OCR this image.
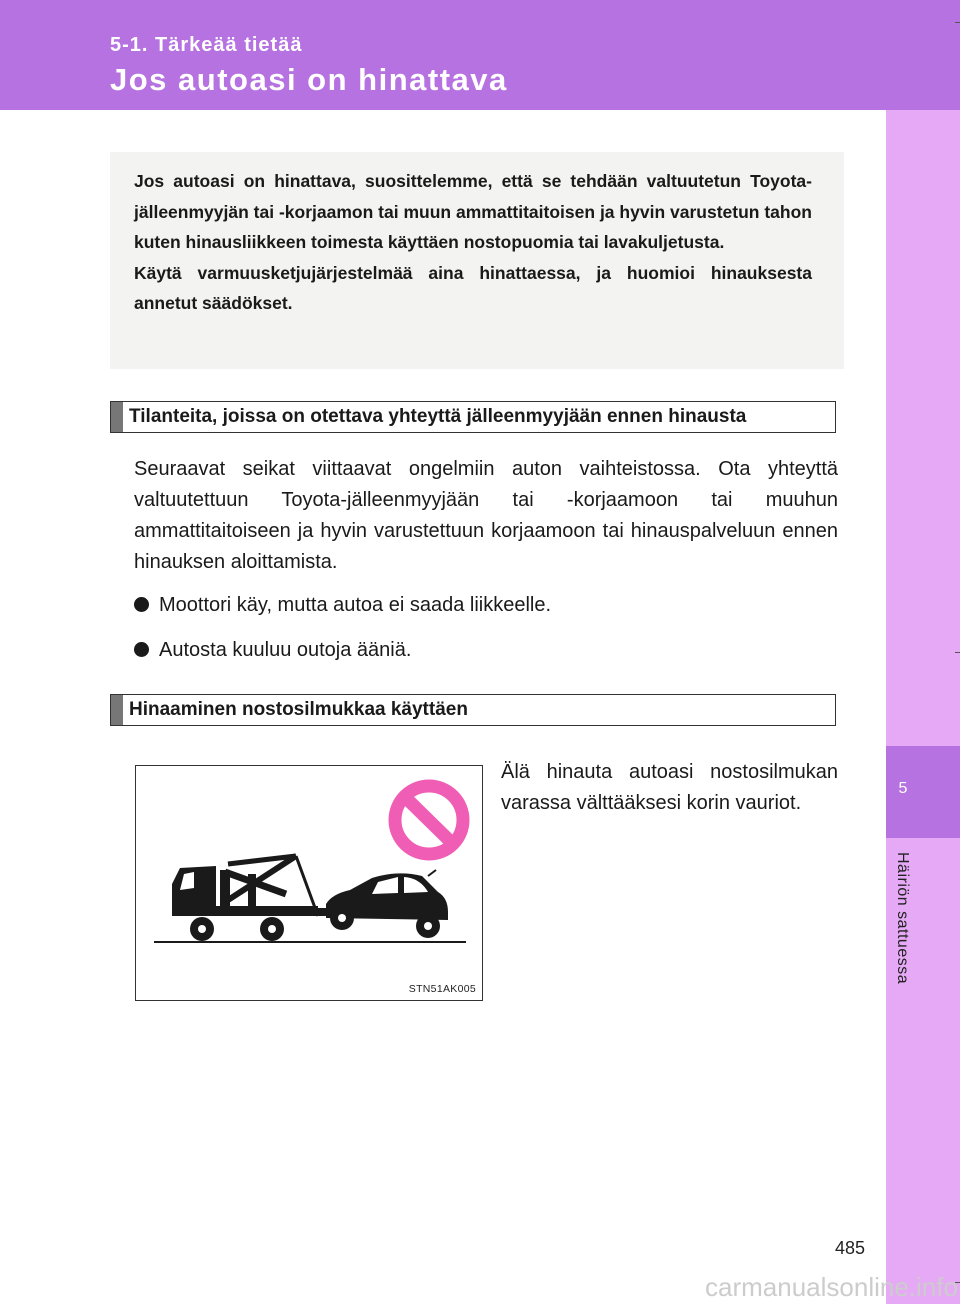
5-1. Tärkeää tietää
Jos autoasi on hinattava
5
Häiriön sattuessa

Jos autoasi on hinattava, suosittelemme, että se tehdään valtuutetun Toyota-jälleenmyyjän tai -korjaamon tai muun ammattitaitoisen ja hyvin varustetun tahon kuten hinausliikkeen toimesta käyttäen nostopuomia tai lavakuljetusta.

Käytä varmuusketjujärjestelmää aina hinattaessa, ja huomioi hinauksesta annetut säädökset.

Tilanteita, joissa on otettava yhteyttä jälleenmyyjään ennen hinausta

Seuraavat seikat viittaavat ongelmiin auton vaihteistossa. Ota yhteyttä valtuutettuun Toyota-jälleenmyyjään tai -korjaamoon tai muuhun ammattitaitoiseen ja hyvin varustettuun korjaamoon tai hinauspalveluun ennen hinauksen aloittamista.

Moottori käy, mutta autoa ei saada liikkeelle.
Autosta kuuluu outoja ääniä.
Hinaaminen nostosilmukkaa käyttäen

Älä hinauta autoasi nostosilmukan varassa välttääksesi korin vauriot.

STN51AK005
485
carmanualsonline.info
